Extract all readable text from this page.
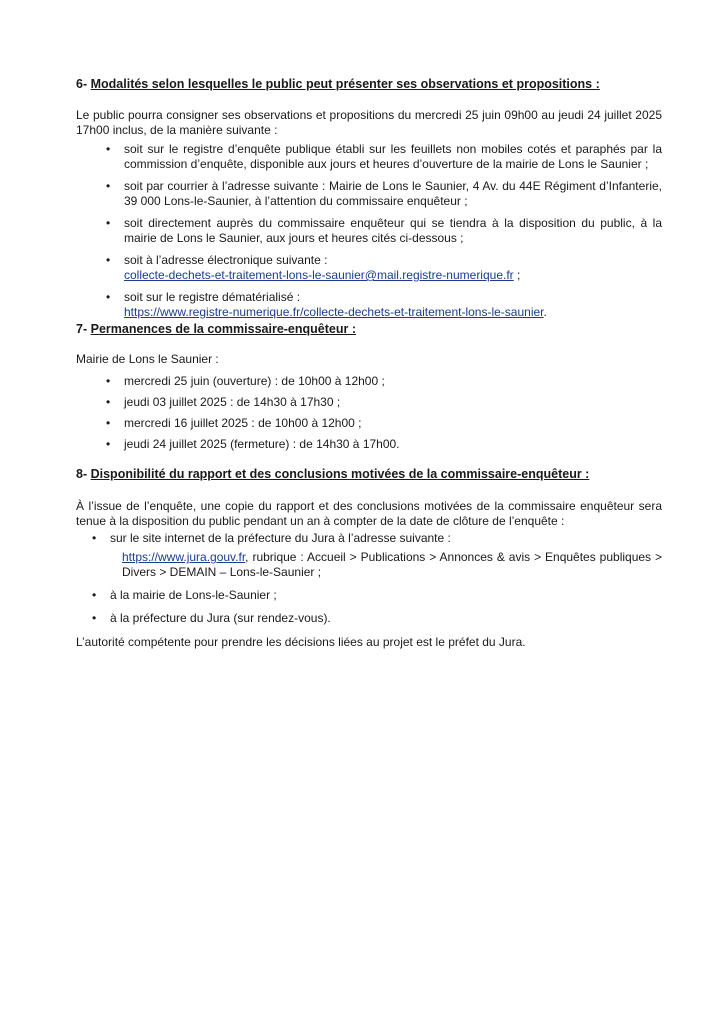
6- Modalités selon lesquelles le public peut présenter ses observations et propositions :
Le public pourra consigner ses observations et propositions du mercredi 25 juin 09h00 au jeudi 24 juillet 2025 17h00 inclus, de la manière suivante :
• soit sur le registre d’enquête publique établi sur les feuillets non mobiles cotés et paraphés par la commission d’enquête, disponible aux jours et heures d’ouverture de la mairie de Lons le Saunier ;
• soit par courrier à l’adresse suivante : Mairie de Lons le Saunier, 4 Av. du 44E Régiment d’Infanterie, 39 000 Lons-le-Saunier, à l’attention du commissaire enquêteur ;
• soit directement auprès du commissaire enquêteur qui se tiendra à la disposition du public, à la mairie de Lons le Saunier, aux jours et heures cités ci-dessous ;
• soit à l’adresse électronique suivante :
collecte-dechets-et-traitement-lons-le-saunier@mail.registre-numerique.fr ;
• soit sur le registre dématérialisé :
https://www.registre-numerique.fr/collecte-dechets-et-traitement-lons-le-saunier.
7- Permanences de la commissaire-enquêteur :
Mairie de Lons le Saunier :
• mercredi 25 juin (ouverture) : de 10h00 à 12h00 ;
• jeudi 03 juillet 2025 : de 14h30 à 17h30 ;
• mercredi 16 juillet 2025 : de 10h00 à 12h00 ;
• jeudi 24 juillet 2025 (fermeture) : de 14h30 à 17h00.
8- Disponibilité du rapport et des conclusions motivées de la commissaire-enquêteur :
À l’issue de l’enquête, une copie du rapport et des conclusions motivées de la commissaire enquêteur sera tenue à la disposition du public pendant un an à compter de la date de clôture de l’enquête :
• sur le site internet de la préfecture du Jura à l’adresse suivante :
https://www.jura.gouv.fr, rubrique : Accueil > Publications > Annonces & avis > Enquêtes publiques > Divers > DEMAIN – Lons-le-Saunier ;
• à la mairie de Lons-le-Saunier ;
• à la préfecture du Jura (sur rendez-vous).
L’autorité compétente pour prendre les décisions liées au projet est le préfet du Jura.
